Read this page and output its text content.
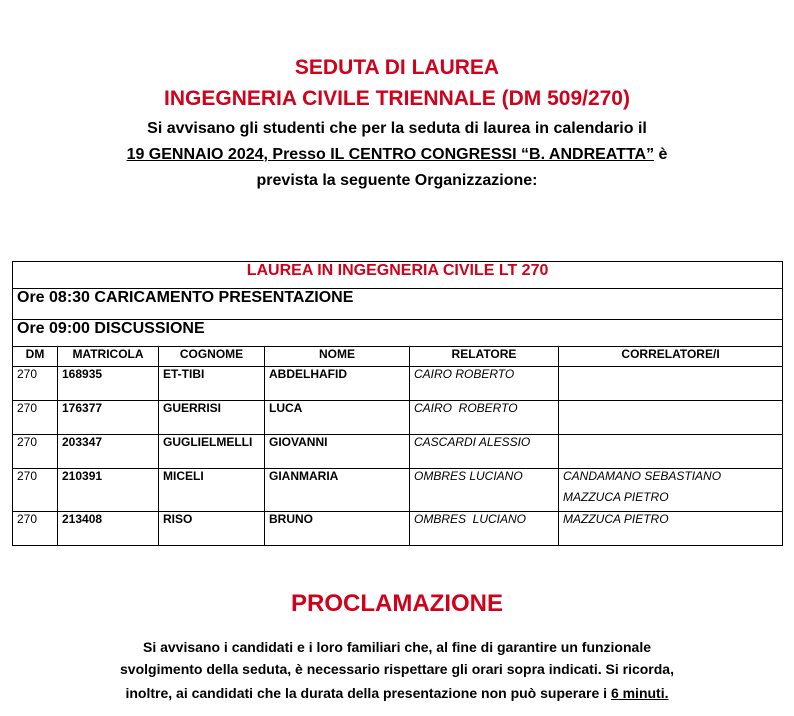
SEDUTA DI LAUREA
INGEGNERIA CIVILE TRIENNALE (DM 509/270)
Si avvisano gli studenti che per la seduta di laurea in calendario il
19 GENNAIO 2024, Presso IL CENTRO CONGRESSI “B. ANDREATTA” è
prevista la seguente Organizzazione:
LAUREA IN INGEGNERIA CIVILE LT 270					
Ore 08:30 CARICAMENTO PRESENTAZIONE					
Ore 09:00 DISCUSSIONE					
DM	MATRICOLA	COGNOME	NOME	RELATORE	CORRELATORE/I
270	168935	ET-TIBI	ABDELHAFID	CAIRO ROBERTO	
270	176377	GUERRISI	LUCA	CAIRO  ROBERTO	
270	203347	GUGLIELMELLI	GIOVANNI	CASCARDI ALESSIO	
270	210391	MICELI	GIANMARIA	OMBRES LUCIANO	CANDAMANO SEBASTIANO
MAZZUCA PIETRO

270	213408	RISO	BRUNO	OMBRES  LUCIANO	MAZZUCA PIETRO
PROCLAMAZIONE
Si avvisano i candidati e i loro familiari che, al fine di garantire un funzionale
svolgimento della seduta, è necessario rispettare gli orari sopra indicati. Si ricorda,
inoltre, ai candidati che la durata della presentazione non può superare i 6 minuti.
